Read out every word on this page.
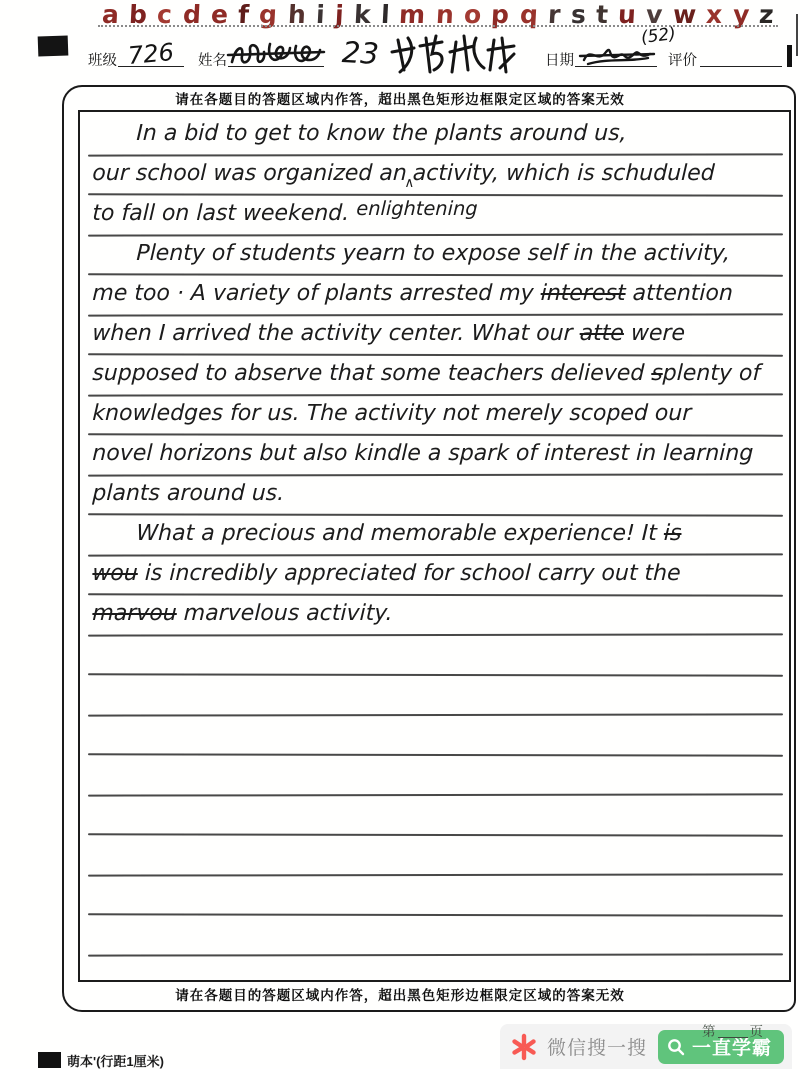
a b c d e f g h i j k l m n o p q r s t u v w x y z
班级 726 姓名	23	日期
(52)
评价
请在各题目的答题区域内作答，超出黑色矩形边框限定区域的答案无效
请在各题目的答题区域内作答，超出黑色矩形边框限定区域的答案无效
In a bid to get to know the plants around us,
our school was organized an∧activity, which is schuduled
to fall on last weekend. enlightening
Plenty of students yearn to expose self in the activity,
me too · A variety of plants arrested my interest attention
when I arrived the activity center. What our atte were
supposed to abserve that some teachers delieved splenty of
knowledges for us. The activity not merely scoped our
novel horizons but also kindle a spark of interest in learning
plants around us.
What a precious and memorable experience! It is
wou is incredibly appreciated for school carry out the
marvou marvelous activity.
萌本'(行距1厘米)
第	页
微信搜一搜 一直学霸
